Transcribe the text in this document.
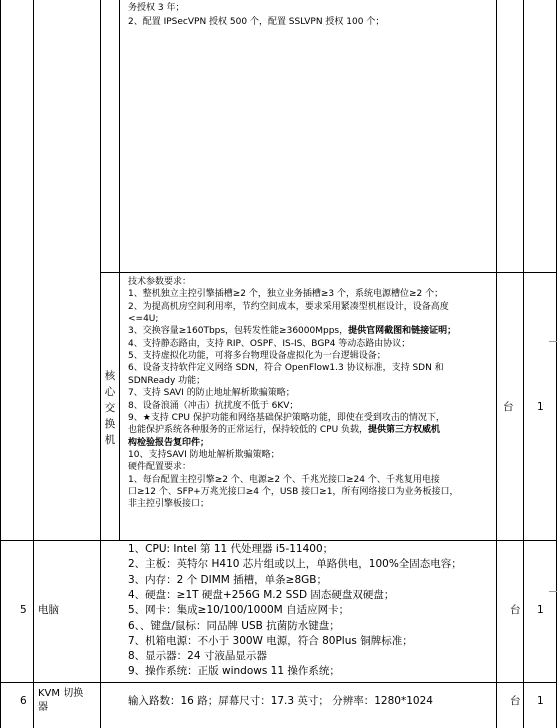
务授权 3 年；
2、配置 IPSecVPN 授权 500 个，配置 SSLVPN 授权 100 个；
核
心
交
换
机
技术参数要求：
1、整机独立主控引擎插槽≥2 个，独立业务插槽≥3 个，系统电源槽位≥2 个；
2、为提高机房空间利用率，节约空间成本，要求采用紧凑型机框设计，设备高度
<=4U;
3、交换容量≥160Tbps，包转发性能≥36000Mpps，提供官网截图和链接证明；
4、支持静态路由，支持 RIP、OSPF、IS-IS、BGP4 等动态路由协议；
5、支持虚拟化功能，可将多台物理设备虚拟化为一台逻辑设备；
6、设备支持软件定义网络 SDN，符合 OpenFlow1.3 协议标准，支持 SDN 和
SDNReady 功能；
7、支持 SAVI 的防止地址解析欺骗策略；
8、设备浪涌（冲击）抗扰度不低于 6KV；
9、★支持 CPU 保护功能和网络基础保护策略功能，即使在受到攻击的情况下，
也能保护系统各种服务的正常运行，保持较低的 CPU 负载，提供第三方权威机
构检验报告复印件；
10、支持SAVI 防地址解析欺骗策略；
硬件配置要求：
1、每台配置主控引擎≥2 个、电源≥2 个、千兆光接口≥24 个、千兆复用电接
口≥12 个、SFP+万兆光接口≥4 个，USB 接口≥1，所有网络接口为业务板接口，
非主控引擎板接口；
台 1
5 电脑
1、CPU: Intel 第 11 代处理器 i5-11400；
2、主板：英特尔 H410 芯片组或以上，单路供电，100%全固态电容；
3、内存：2 个 DIMM 插槽，单条≥8GB；
4、硬盘：≥1T 硬盘+256G M.2 SSD 固态硬盘双硬盘；
5、网卡：集成≥10/100/1000M 自适应网卡；
6、、键盘/鼠标：同品牌 USB 抗菌防水键盘；
7、机箱电源：不小于 300W 电源，符合 80Plus 铜牌标准；
8、显示器：24 寸液晶显示器
9、操作系统：正版 windows 11 操作系统；
台 1
6
KVM 切换
器
输入路数：16 路；屏幕尺寸：17.3 英寸； 分辨率：1280*1024	台 1
